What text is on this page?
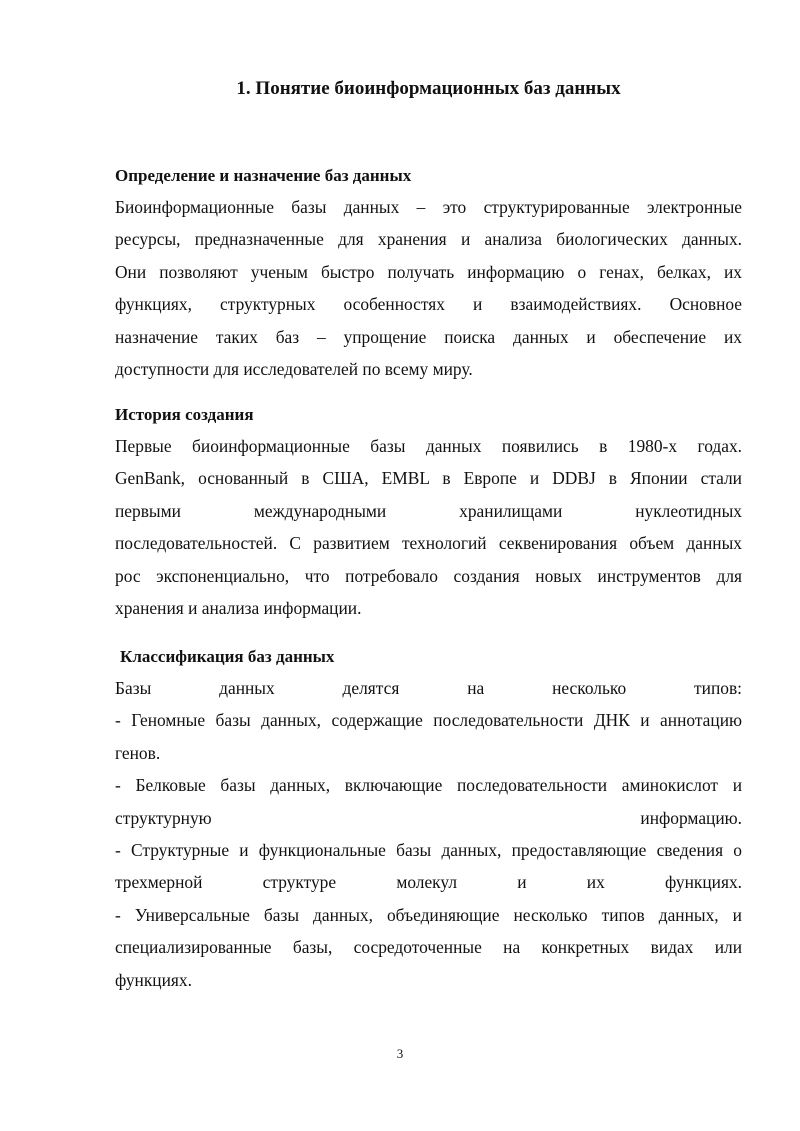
1. Понятие биоинформационных баз данных

Определение и назначение баз данных

Биоинформационные базы данных – это структурированные электронные
ресурсы, предназначенные для хранения и анализа биологических данных.
Они позволяют ученым быстро получать информацию о генах, белках, их
функциях, структурных особенностях и взаимодействиях. Основное
назначение таких баз – упрощение поиска данных и обеспечение их
доступности для исследователей по всему миру.

История создания

Первые биоинформационные базы данных появились в 1980-х годах.
GenBank, основанный в США, EMBL в Европе и DDBJ в Японии стали
первыми международными хранилищами нуклеотидных
последовательностей. С развитием технологий секвенирования объем данных
рос экспоненциально, что потребовало создания новых инструментов для
хранения и анализа информации.

Классификация баз данных

Базы данных делятся на несколько типов:
- Геномные базы данных, содержащие последовательности ДНК и аннотацию
генов.
- Белковые базы данных, включающие последовательности аминокислот и
структурную информацию.
- Структурные и функциональные базы данных, предоставляющие сведения о
трехмерной структуре молекул и их функциях.
- Универсальные базы данных, объединяющие несколько типов данных, и
специализированные базы, сосредоточенные на конкретных видах или
функциях.

3
